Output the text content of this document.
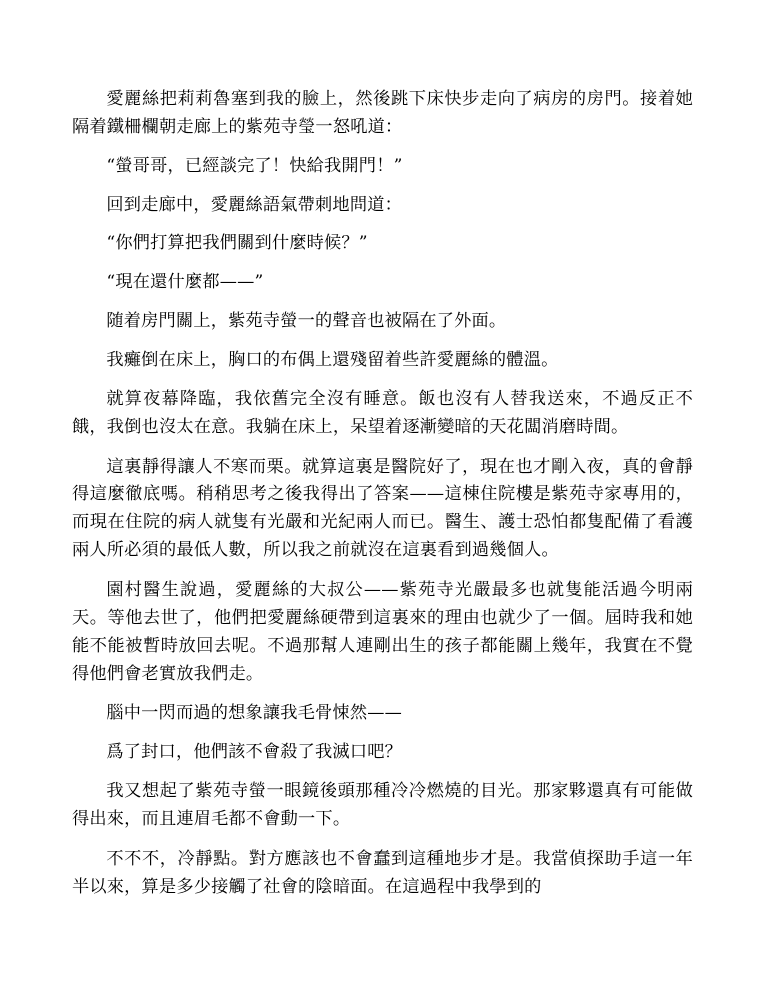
愛麗絲把莉莉魯塞到我的臉上，然後跳下床快步走向了病房的房門。接着她隔着鐵柵欄朝走廊上的紫苑寺瑩一怒吼道：

“螢哥哥，已經談完了！快給我開門！”

回到走廊中，愛麗絲語氣帶刺地問道：

“你們打算把我們關到什麼時候？”

“現在還什麼都——”

随着房門關上，紫苑寺螢一的聲音也被隔在了外面。

我癱倒在床上，胸口的布偶上還殘留着些許愛麗絲的體溫。

就算夜幕降臨，我依舊完全沒有睡意。飯也沒有人替我送來，不過反正不餓，我倒也沒太在意。我躺在床上，呆望着逐漸變暗的天花闆消磨時間。

這裏靜得讓人不寒而栗。就算這裏是醫院好了，現在也才剛入夜，真的會靜得這麼徹底嗎。稍稍思考之後我得出了答案——這棟住院樓是紫苑寺家專用的，而現在住院的病人就隻有光嚴和光紀兩人而已。醫生、護士恐怕都隻配備了看護兩人所必須的最低人數，所以我之前就沒在這裏看到過幾個人。

園村醫生說過，愛麗絲的大叔公——紫苑寺光嚴最多也就隻能活過今明兩天。等他去世了，他們把愛麗絲硬帶到這裏來的理由也就少了一個。屆時我和她能不能被暫時放回去呢。不過那幫人連剛出生的孩子都能關上幾年，我實在不覺得他們會老實放我們走。

腦中一閃而過的想象讓我毛骨悚然——

爲了封口，他們該不會殺了我滅口吧？

我又想起了紫苑寺螢一眼鏡後頭那種冷冷燃燒的目光。那家夥還真有可能做得出來，而且連眉毛都不會動一下。

不不不，冷靜點。對方應該也不會蠢到這種地步才是。我當偵探助手這一年半以來，算是多少接觸了社會的陰暗面。在這過程中我學到的
